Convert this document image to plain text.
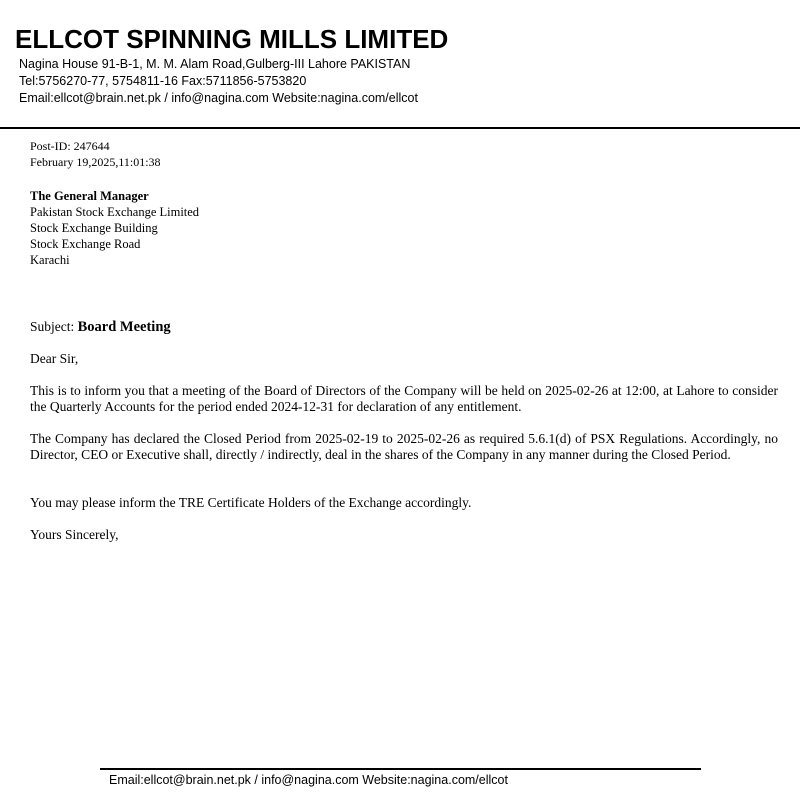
ELLCOT SPINNING MILLS LIMITED
Nagina House 91-B-1, M. M. Alam Road,Gulberg-III Lahore PAKISTAN
Tel:5756270-77, 5754811-16 Fax:5711856-5753820
Email:ellcot@brain.net.pk / info@nagina.com Website:nagina.com/ellcot
Post-ID: 247644
February 19,2025,11:01:38
The General Manager
Pakistan Stock Exchange Limited
Stock Exchange Building
Stock Exchange Road
Karachi
Subject: Board Meeting
Dear Sir,

This is to inform you that a meeting of the Board of Directors of the Company will be held on 2025-02-26 at 12:00, at Lahore to consider the Quarterly Accounts for the period ended 2024-12-31 for declaration of any entitlement.

The Company has declared the Closed Period from 2025-02-19 to 2025-02-26 as required 5.6.1(d) of PSX Regulations. Accordingly, no Director, CEO or Executive shall, directly / indirectly, deal in the shares of the Company in any manner during the Closed Period.

You may please inform the TRE Certificate Holders of the Exchange accordingly.

Yours Sincerely,
Email:ellcot@brain.net.pk / info@nagina.com Website:nagina.com/ellcot
